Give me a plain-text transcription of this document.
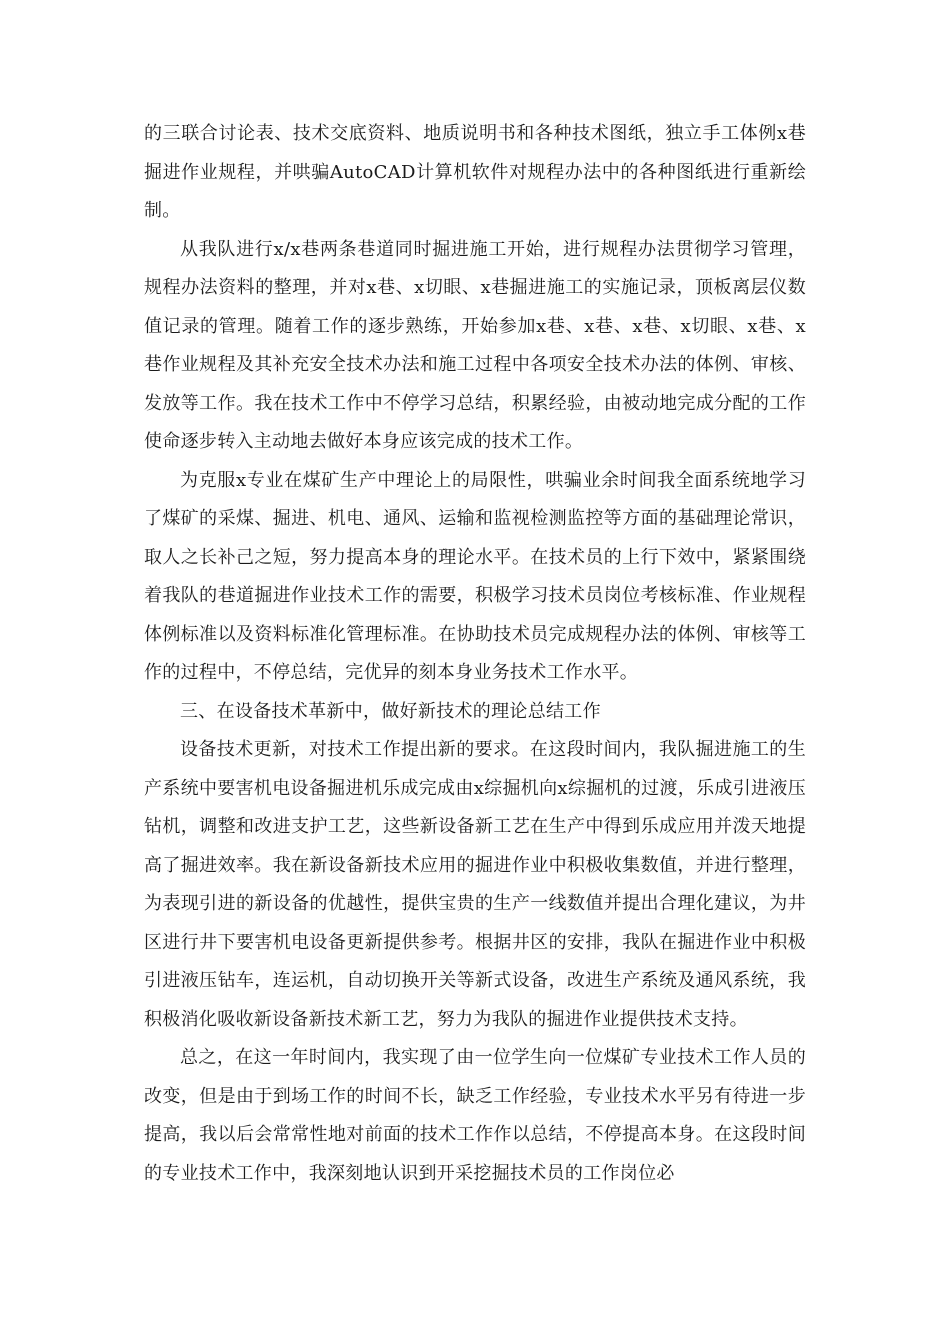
的三联合讨论表、技术交底资料、地质说明书和各种技术图纸，独立手工体例x巷掘进作业规程，并哄骗AutoCAD计算机软件对规程办法中的各种图纸进行重新绘制。

从我队进行x/x巷两条巷道同时掘进施工开始，进行规程办法贯彻学习管理，规程办法资料的整理，并对x巷、x切眼、x巷掘进施工的实施记录，顶板离层仪数值记录的管理。随着工作的逐步熟练，开始参加x巷、x巷、x巷、x切眼、x巷、x巷作业规程及其补充安全技术办法和施工过程中各项安全技术办法的体例、审核、发放等工作。我在技术工作中不停学习总结，积累经验，由被动地完成分配的工作使命逐步转入主动地去做好本身应该完成的技术工作。

为克服x专业在煤矿生产中理论上的局限性，哄骗业余时间我全面系统地学习了煤矿的采煤、掘进、机电、通风、运输和监视检测监控等方面的基础理论常识，取人之长补己之短，努力提高本身的理论水平。在技术员的上行下效中，紧紧围绕着我队的巷道掘进作业技术工作的需要，积极学习技术员岗位考核标准、作业规程体例标准以及资料标准化管理标准。在协助技术员完成规程办法的体例、审核等工作的过程中，不停总结，完优异的刻本身业务技术工作水平。

三、在设备技术革新中，做好新技术的理论总结工作

设备技术更新，对技术工作提出新的要求。在这段时间内，我队掘进施工的生产系统中要害机电设备掘进机乐成完成由x综掘机向x综掘机的过渡，乐成引进液压钻机，调整和改进支护工艺，这些新设备新工艺在生产中得到乐成应用并泼天地提高了掘进效率。我在新设备新技术应用的掘进作业中积极收集数值，并进行整理，为表现引进的新设备的优越性，提供宝贵的生产一线数值并提出合理化建议，为井区进行井下要害机电设备更新提供参考。根据井区的安排，我队在掘进作业中积极引进液压钻车，连运机，自动切换开关等新式设备，改进生产系统及通风系统，我积极消化吸收新设备新技术新工艺，努力为我队的掘进作业提供技术支持。

总之，在这一年时间内，我实现了由一位学生向一位煤矿专业技术工作人员的改变，但是由于到场工作的时间不长，缺乏工作经验，专业技术水平另有待进一步提高，我以后会常常性地对前面的技术工作作以总结，不停提高本身。在这段时间的专业技术工作中，我深刻地认识到开采挖掘技术员的工作岗位必
